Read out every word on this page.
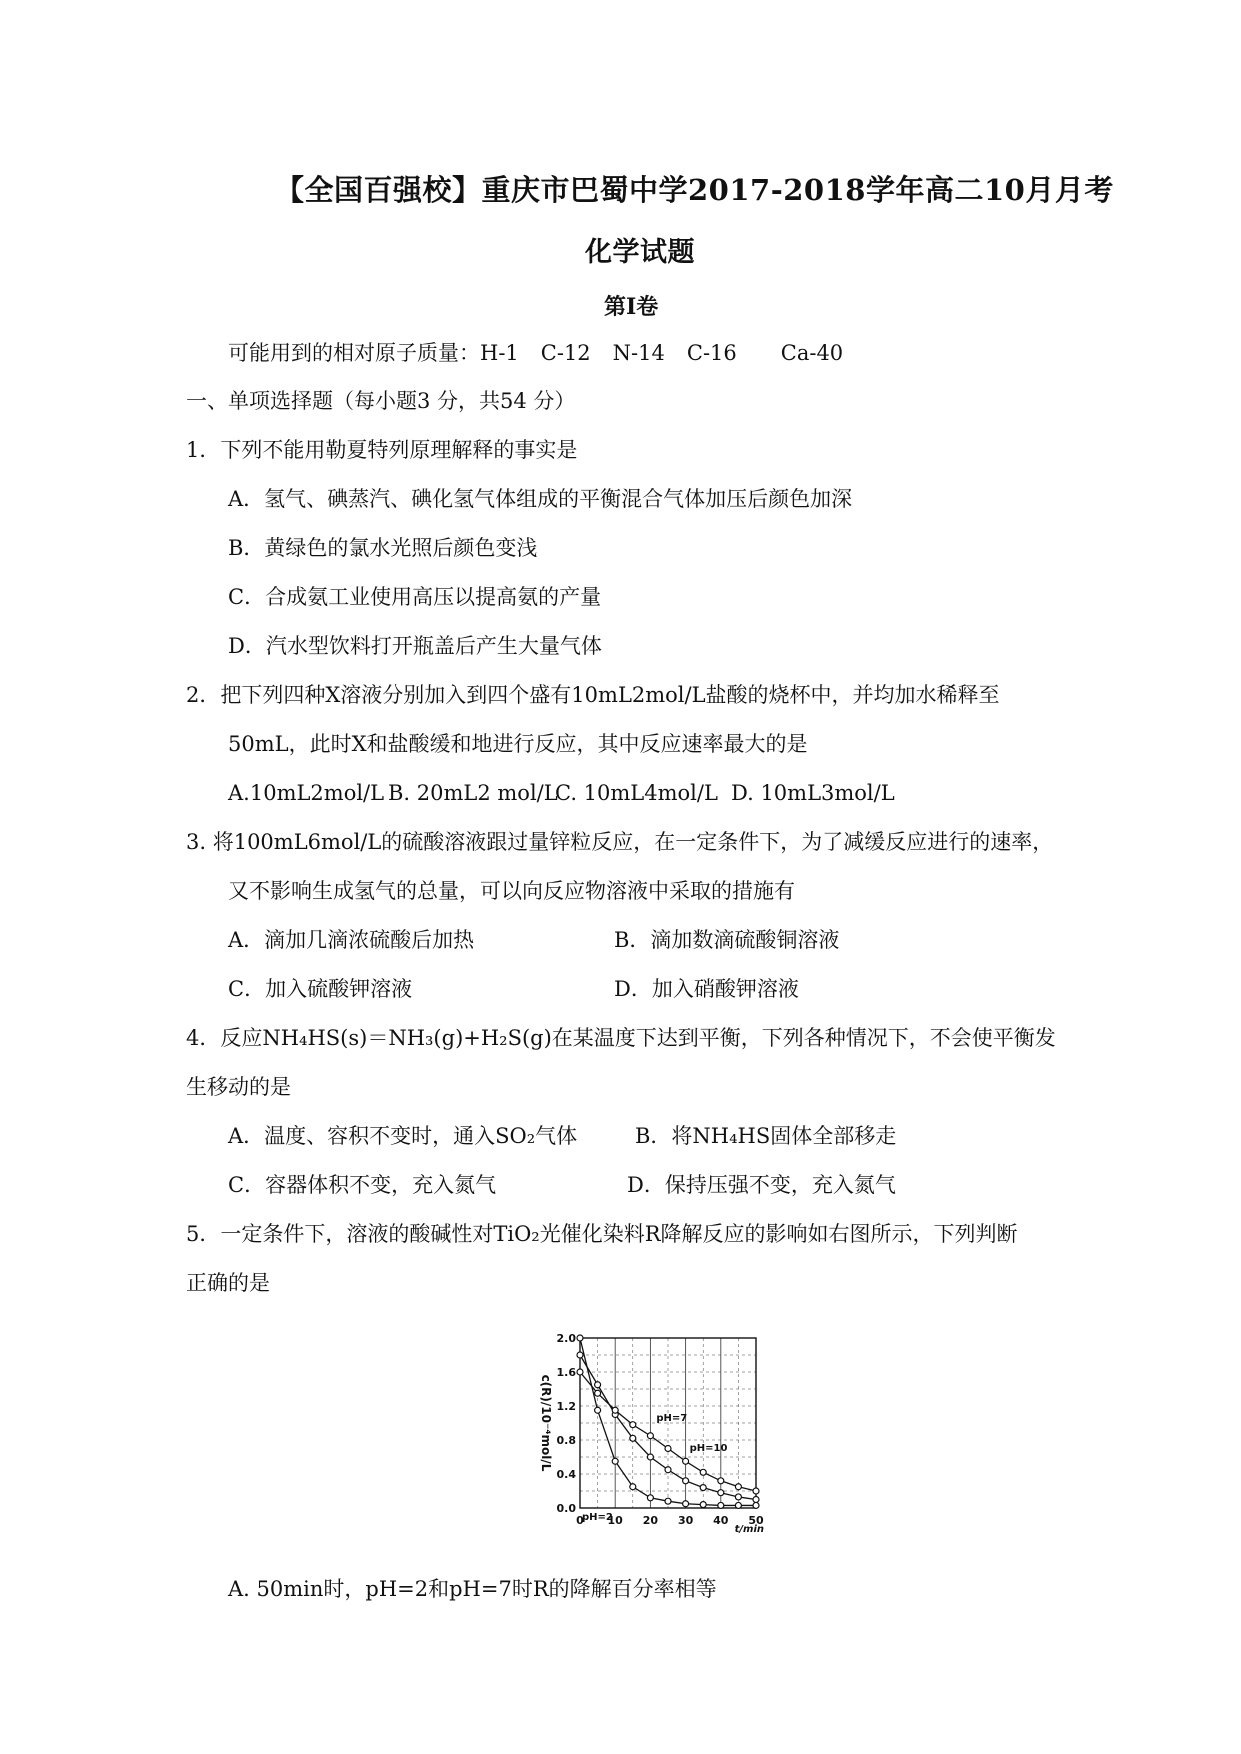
【全国百强校】重庆市巴蜀中学2017-2018学年高二10月月考
化学试题
第I卷
可能用到的相对原子质量：H-1 C-12 N-14 C-16 Ca-40
一、单项选择题（每小题3 分，共54 分）
1．下列不能用勒夏特列原理解释的事实是
A．氢气、碘蒸汽、碘化氢气体组成的平衡混合气体加压后颜色加深
B．黄绿色的氯水光照后颜色变浅
C．合成氨工业使用高压以提高氨的产量
D．汽水型饮料打开瓶盖后产生大量气体
2．把下列四种X溶液分别加入到四个盛有10mL2mol/L盐酸的烧杯中，并均加水稀释至
50mL，此时X和盐酸缓和地进行反应，其中反应速率最大的是
A.10mL2mol/L B. 20mL2 mol/L
C. 10mL4mol/L D. 10mL3mol/L
3. 将100mL6mol/L的硫酸溶液跟过量锌粒反应，在一定条件下，为了减缓反应进行的速率，
又不影响生成氢气的总量，可以向反应物溶液中采取的措施有
A．滴加几滴浓硫酸后加热	B．滴加数滴硫酸铜溶液
C．加入硫酸钾溶液	D．加入硝酸钾溶液
4．反应NH₄HS(s)＝NH₃(g)+H₂S(g)在某温度下达到平衡，下列各种情况下，不会使平衡发
生移动的是
A．温度、容积不变时，通入SO₂气体	B．将NH₄HS固体全部移走
C．容器体积不变，充入氮气	D．保持压强不变，充入氮气
5．一定条件下，溶液的酸碱性对TiO₂光催化染料R降解反应的影响如右图所示，下列判断
正确的是
0 10 20 30 40 50
0.0
0.4
0.8
1.2
1.6
2.0
c(R)/10⁻⁴mol/L
t/min
pH=2
pH=7
pH=10
A. 50min时，pH=2和pH=7时R的降解百分率相等
